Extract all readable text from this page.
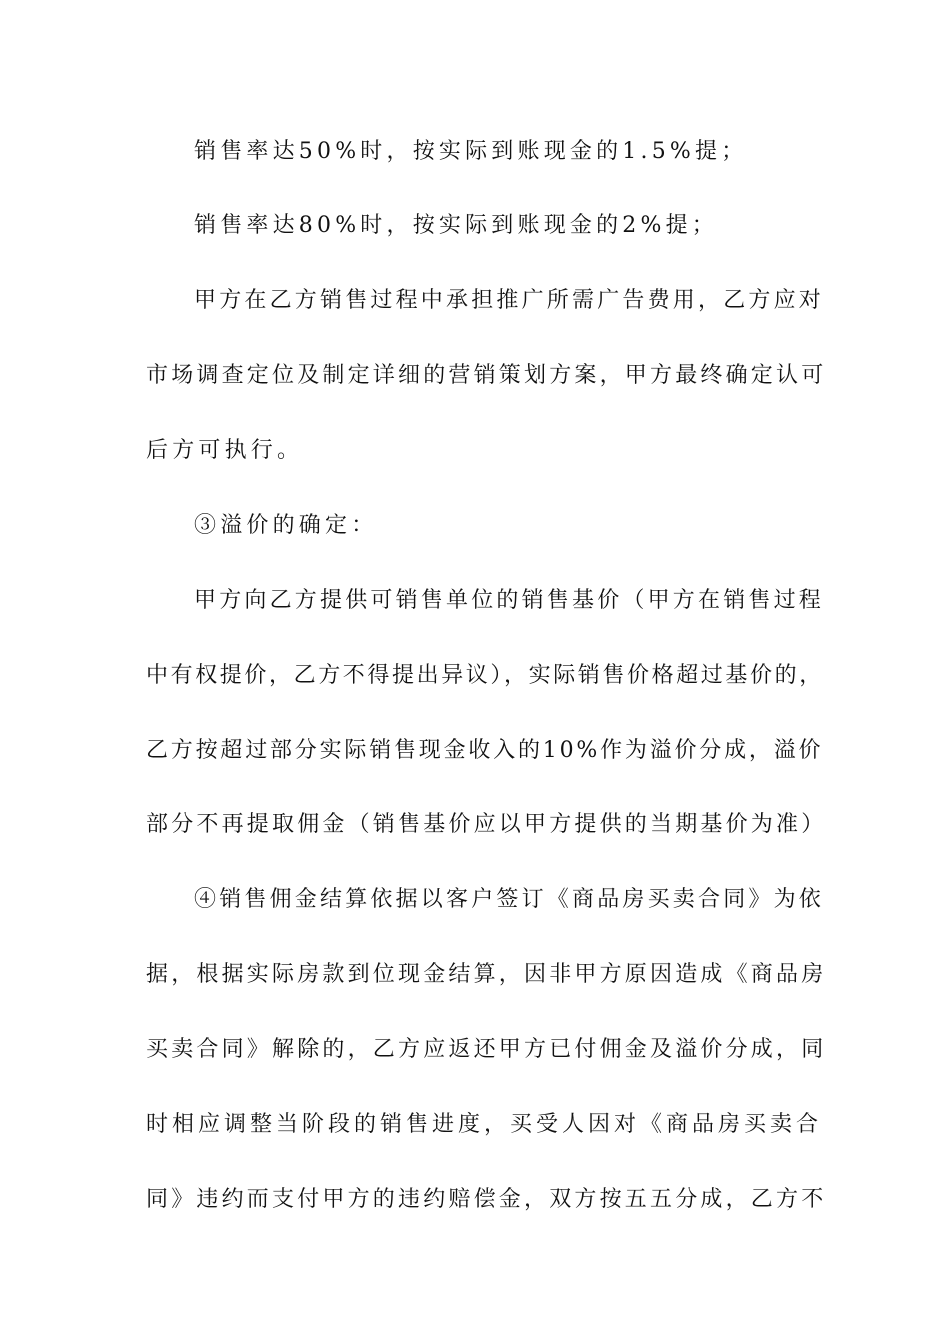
销售率达50%时，按实际到账现金的1.5%提；
销售率达80%时，按实际到账现金的2%提；
甲方在乙方销售过程中承担推广所需广告费用，乙方应对
市场调查定位及制定详细的营销策划方案，甲方最终确定认可
后方可执行。
③溢价的确定：
甲方向乙方提供可销售单位的销售基价（甲方在销售过程
中有权提价，乙方不得提出异议），实际销售价格超过基价的，
乙方按超过部分实际销售现金收入的10%作为溢价分成，溢价
部分不再提取佣金（销售基价应以甲方提供的当期基价为准）
④销售佣金结算依据以客户签订《商品房买卖合同》为依
据，根据实际房款到位现金结算，因非甲方原因造成《商品房
买卖合同》解除的，乙方应返还甲方已付佣金及溢价分成，同
时相应调整当阶段的销售进度，买受人因对《商品房买卖合
同》违约而支付甲方的违约赔偿金，双方按五五分成，乙方不
